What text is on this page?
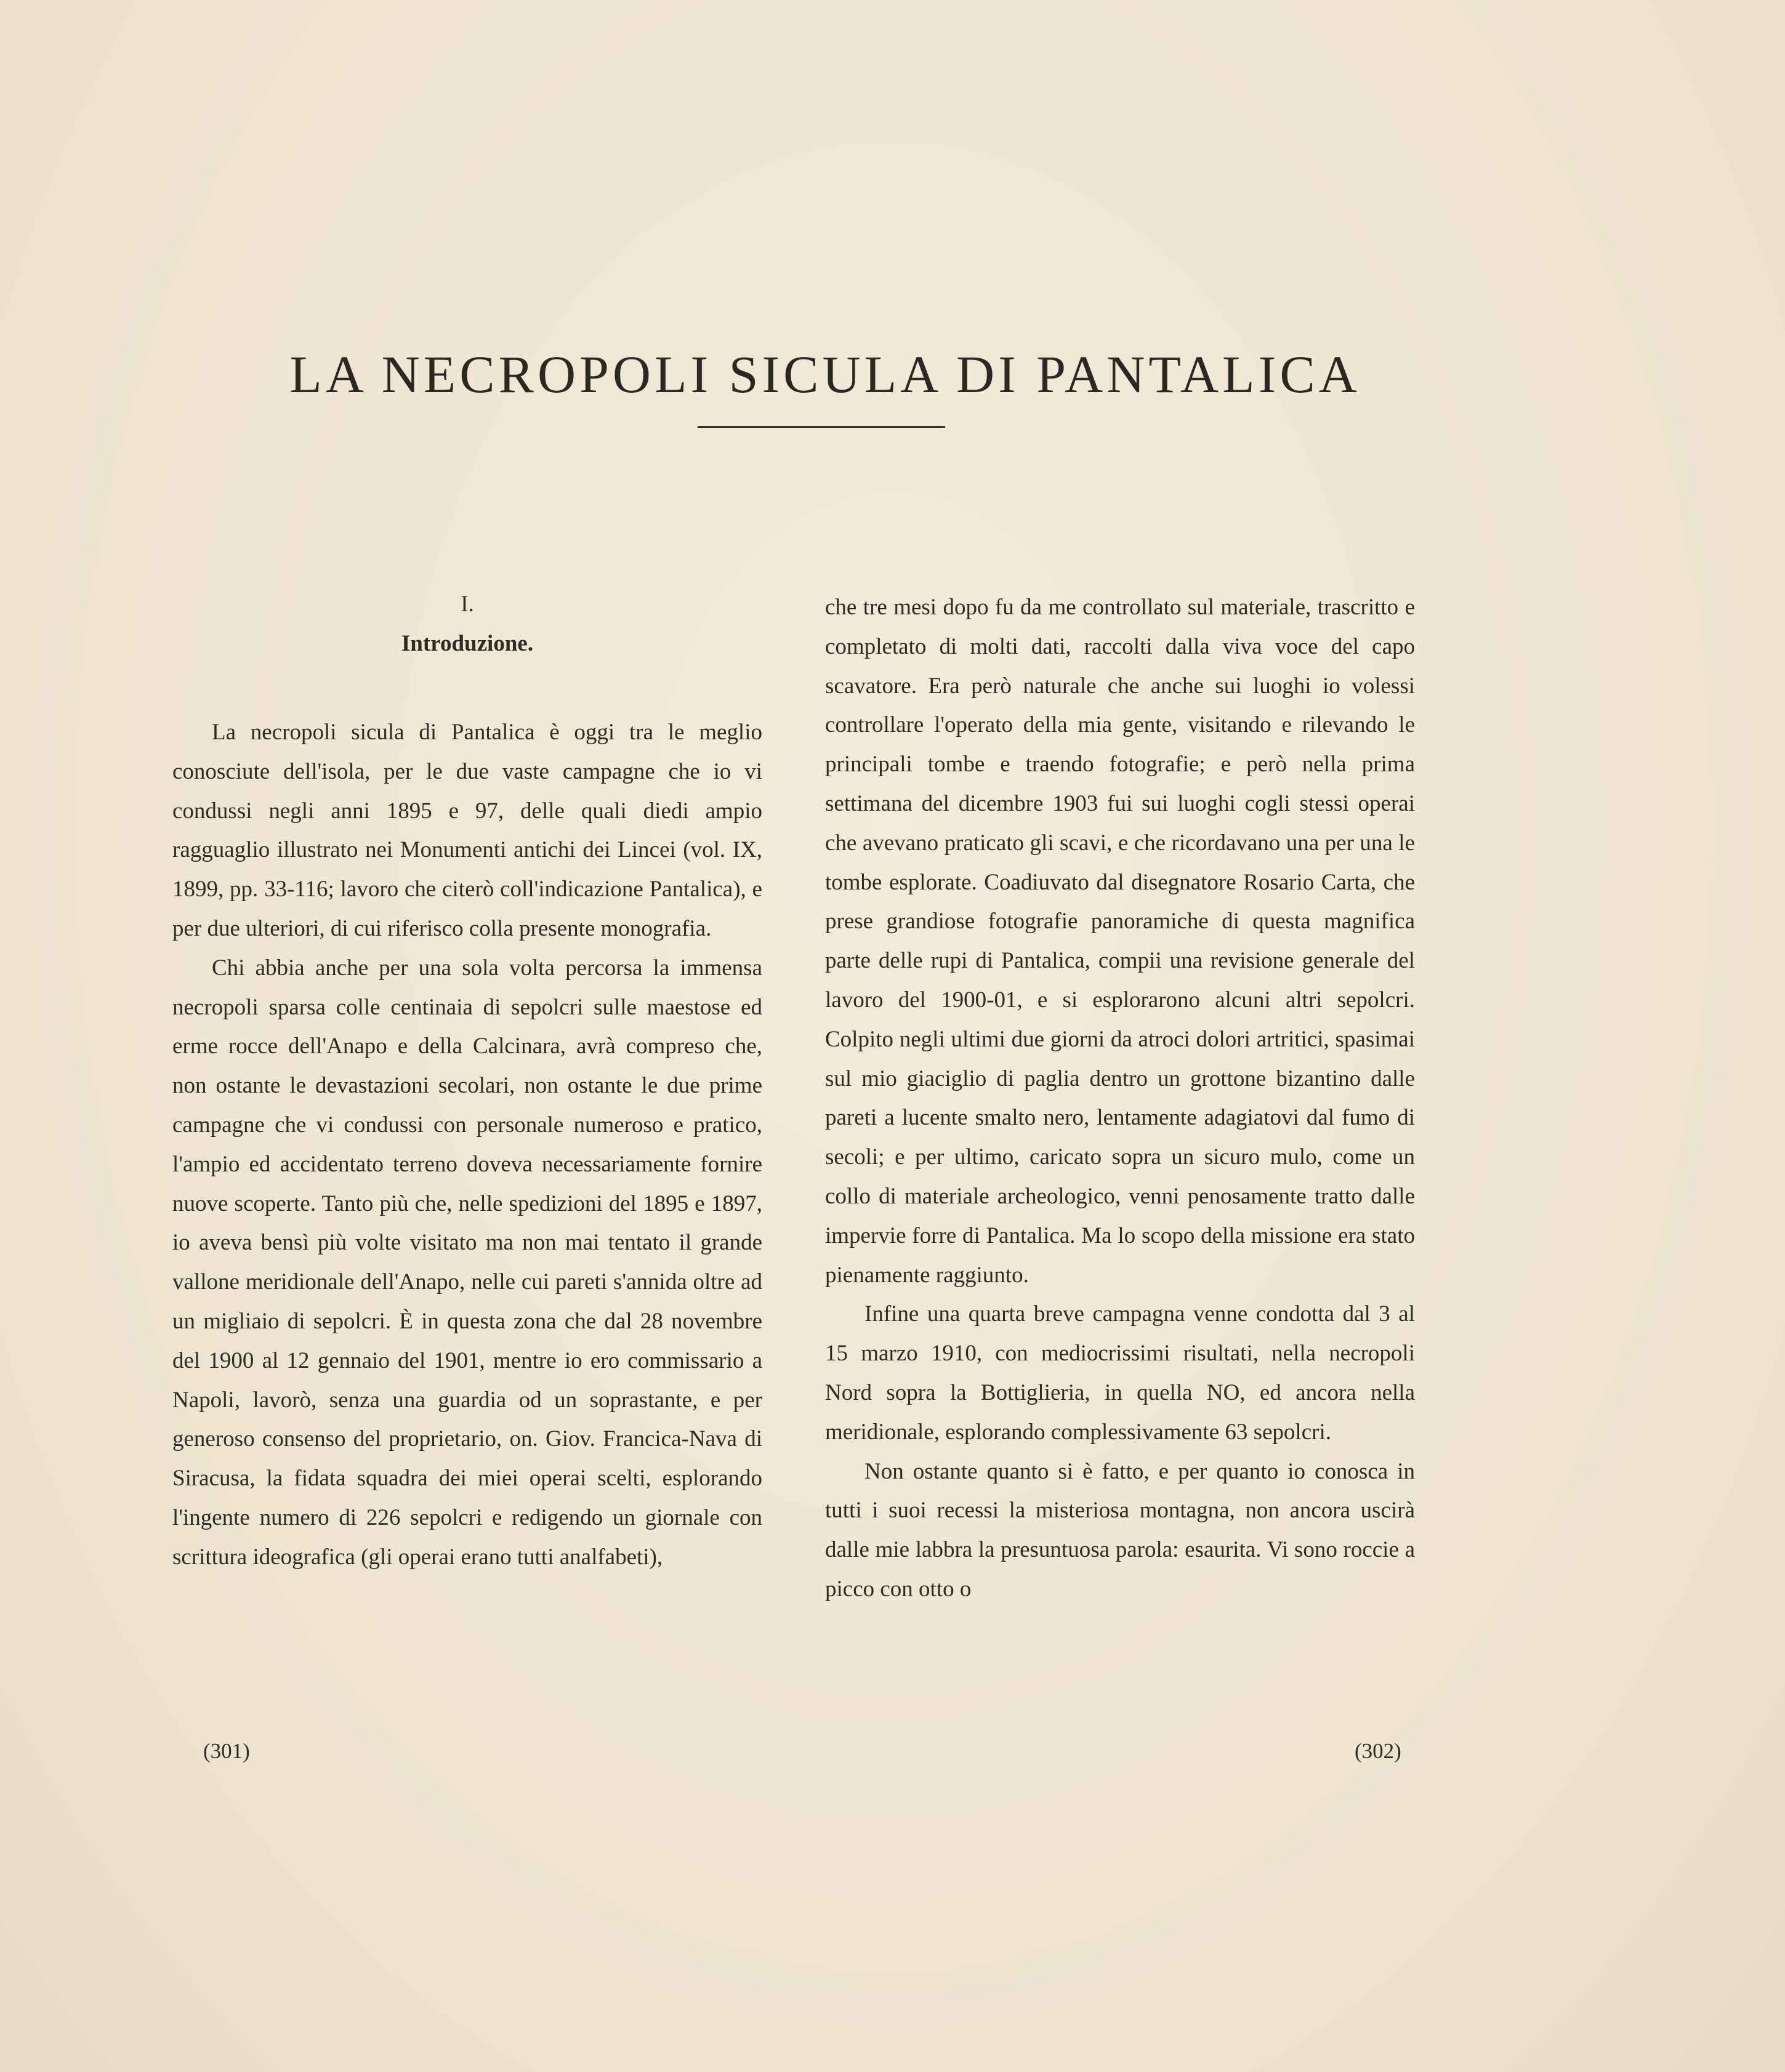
LA NECROPOLI SICULA DI PANTALICA

I.

Introduzione.

La necropoli sicula di Pantalica è oggi tra le meglio conosciute dell'isola, per le due vaste campagne che io vi condussi negli anni 1895 e 97, delle quali diedi ampio ragguaglio illustrato nei Monumenti antichi dei Lincei (vol. IX, 1899, pp. 33-116; lavoro che citerò coll'indicazione Pantalica), e per due ulteriori, di cui riferisco colla presente monografia.

Chi abbia anche per una sola volta percorsa la immensa necropoli sparsa colle centinaia di sepolcri sulle maestose ed erme rocce dell'Anapo e della Calcinara, avrà compreso che, non ostante le devastazioni secolari, non ostante le due prime campagne che vi condussi con personale numeroso e pratico, l'ampio ed accidentato terreno doveva necessariamente fornire nuove scoperte. Tanto più che, nelle spedizioni del 1895 e 1897, io aveva bensì più volte visitato ma non mai tentato il grande vallone meridionale dell'Anapo, nelle cui pareti s'annida oltre ad un migliaio di sepolcri. È in questa zona che dal 28 novembre del 1900 al 12 gennaio del 1901, mentre io ero commissario a Napoli, lavorò, senza una guardia od un soprastante, e per generoso consenso del proprietario, on. Giov. Francica-Nava di Siracusa, la fidata squadra dei miei operai scelti, esplorando l'ingente numero di 226 sepolcri e redigendo un giornale con scrittura ideografica (gli operai erano tutti analfabeti),

che tre mesi dopo fu da me controllato sul materiale, trascritto e completato di molti dati, raccolti dalla viva voce del capo scavatore. Era però naturale che anche sui luoghi io volessi controllare l'operato della mia gente, visitando e rilevando le principali tombe e traendo fotografie; e però nella prima settimana del dicembre 1903 fui sui luoghi cogli stessi operai che avevano praticato gli scavi, e che ricordavano una per una le tombe esplorate. Coadiuvato dal disegnatore Rosario Carta, che prese grandiose fotografie panoramiche di questa magnifica parte delle rupi di Pantalica, compii una revisione generale del lavoro del 1900-01, e si esplorarono alcuni altri sepolcri. Colpito negli ultimi due giorni da atroci dolori artritici, spasimai sul mio giaciglio di paglia dentro un grottone bizantino dalle pareti a lucente smalto nero, lentamente adagiatovi dal fumo di secoli; e per ultimo, caricato sopra un sicuro mulo, come un collo di materiale archeologico, venni penosamente tratto dalle impervie forre di Pantalica. Ma lo scopo della missione era stato pienamente raggiunto.

Infine una quarta breve campagna venne condotta dal 3 al 15 marzo 1910, con mediocrissimi risultati, nella necropoli Nord sopra la Bottiglieria, in quella NO, ed ancora nella meridionale, esplorando complessivamente 63 sepolcri.

Non ostante quanto si è fatto, e per quanto io conosca in tutti i suoi recessi la misteriosa montagna, non ancora uscirà dalle mie labbra la presuntuosa parola: esaurita. Vi sono roccie a picco con otto o

(301)	(302)
